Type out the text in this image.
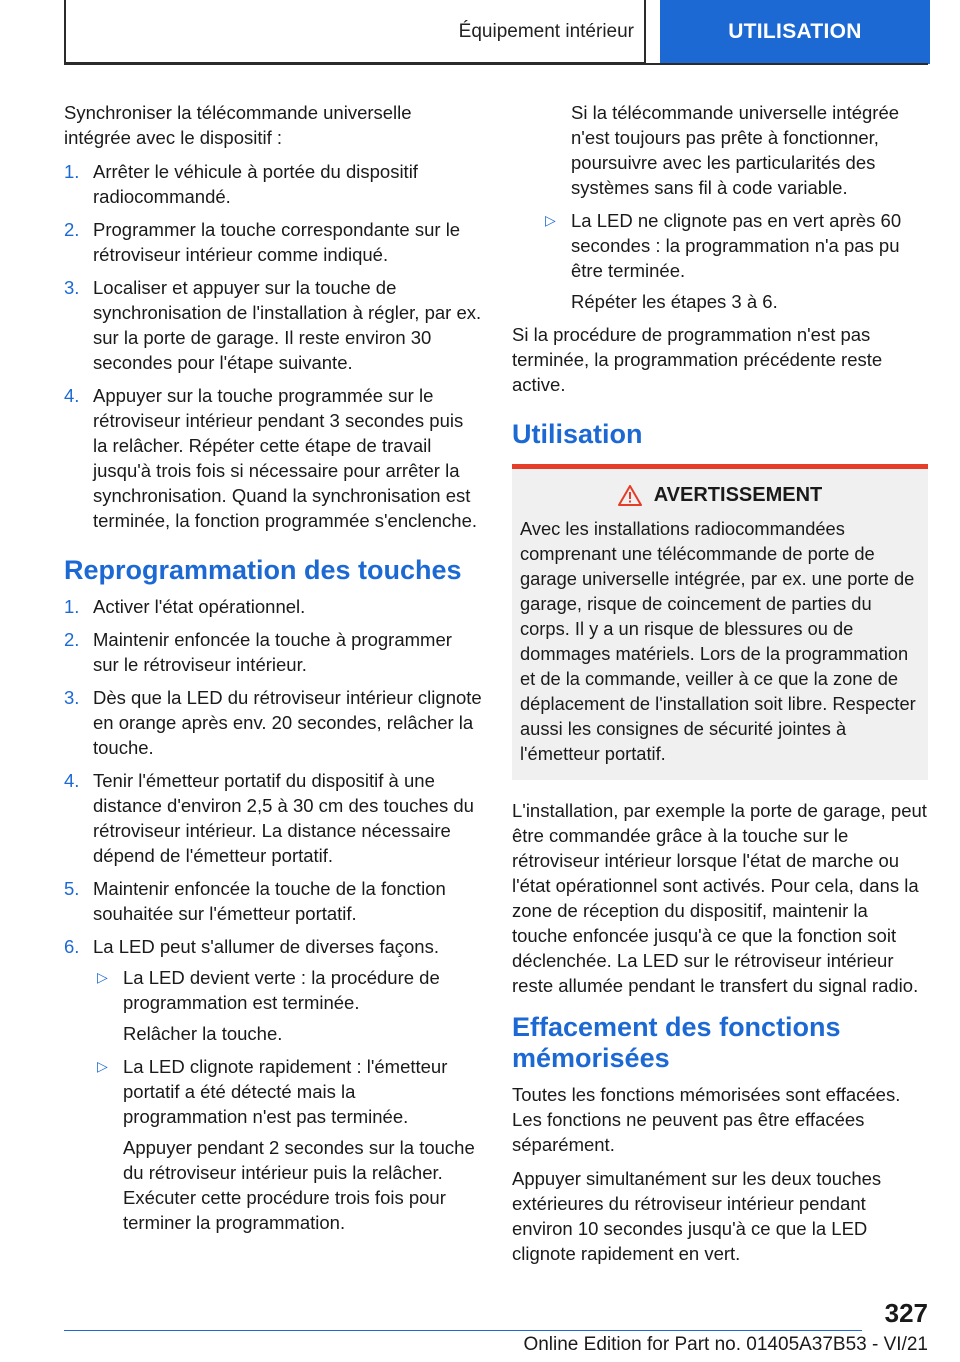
Équipement intérieur	UTILISATION

Synchroniser la télécommande universelle intégrée avec le dispositif :

1. Arrêter le véhicule à portée du dispositif radiocommandé.
2. Programmer la touche correspondante sur le rétroviseur intérieur comme indiqué.
3. Localiser et appuyer sur la touche de synchronisation de l'installation à régler, par ex. sur la porte de garage. Il reste environ 30 secondes pour l'étape suivante.
4. Appuyer sur la touche programmée sur le rétroviseur intérieur pendant 3 secondes puis la relâcher. Répéter cette étape de travail jusqu'à trois fois si nécessaire pour arrêter la synchronisation. Quand la synchronisation est terminée, la fonction programmée s'enclenche.
Reprogrammation des touches
1. Activer l'état opérationnel.
2. Maintenir enfoncée la touche à programmer sur le rétroviseur intérieur.
3. Dès que la LED du rétroviseur intérieur clignote en orange après env. 20 secondes, relâcher la touche.
4. Tenir l'émetteur portatif du dispositif à une distance d'environ 2,5 à 30 cm des touches du rétroviseur intérieur. La distance nécessaire dépend de l'émetteur portatif.
5. Maintenir enfoncée la touche de la fonction souhaitée sur l'émetteur portatif.
6. La LED peut s'allumer de diverses façons.
▷ La LED devient verte : la procédure de programmation est terminée.
Relâcher la touche.
▷ La LED clignote rapidement : l'émetteur portatif a été détecté mais la programmation n'est pas terminée.
Appuyer pendant 2 secondes sur la touche du rétroviseur intérieur puis la relâcher. Exécuter cette procédure trois fois pour terminer la programmation.
Si la télécommande universelle intégrée n'est toujours pas prête à fonctionner, poursuivre avec les particularités des systèmes sans fil à code variable.
▷ La LED ne clignote pas en vert après 60 secondes : la programmation n'a pas pu être terminée.
Répéter les étapes 3 à 6.

Si la procédure de programmation n'est pas terminée, la programmation précédente reste active.

Utilisation
AVERTISSEMENT
Avec les installations radiocommandées comprenant une télécommande de porte de garage universelle intégrée, par ex. une porte de garage, risque de coincement de parties du corps. Il y a un risque de blessures ou de dommages matériels. Lors de la programmation et de la commande, veiller à ce que la zone de déplacement de l'installation soit libre. Respecter aussi les consignes de sécurité jointes à l'émetteur portatif.

L'installation, par exemple la porte de garage, peut être commandée grâce à la touche sur le rétroviseur intérieur lorsque l'état de marche ou l'état opérationnel sont activés. Pour cela, dans la zone de réception du dispositif, maintenir la touche enfoncée jusqu'à ce que la fonction soit déclenchée. La LED sur le rétroviseur intérieur reste allumée pendant le transfert du signal radio.

Effacement des fonctions mémorisées

Toutes les fonctions mémorisées sont effacées. Les fonctions ne peuvent pas être effacées séparément.

Appuyer simultanément sur les deux touches extérieures du rétroviseur intérieur pendant environ 10 secondes jusqu'à ce que la LED clignote rapidement en vert.

327
Online Edition for Part no. 01405A37B53 - VI/21
